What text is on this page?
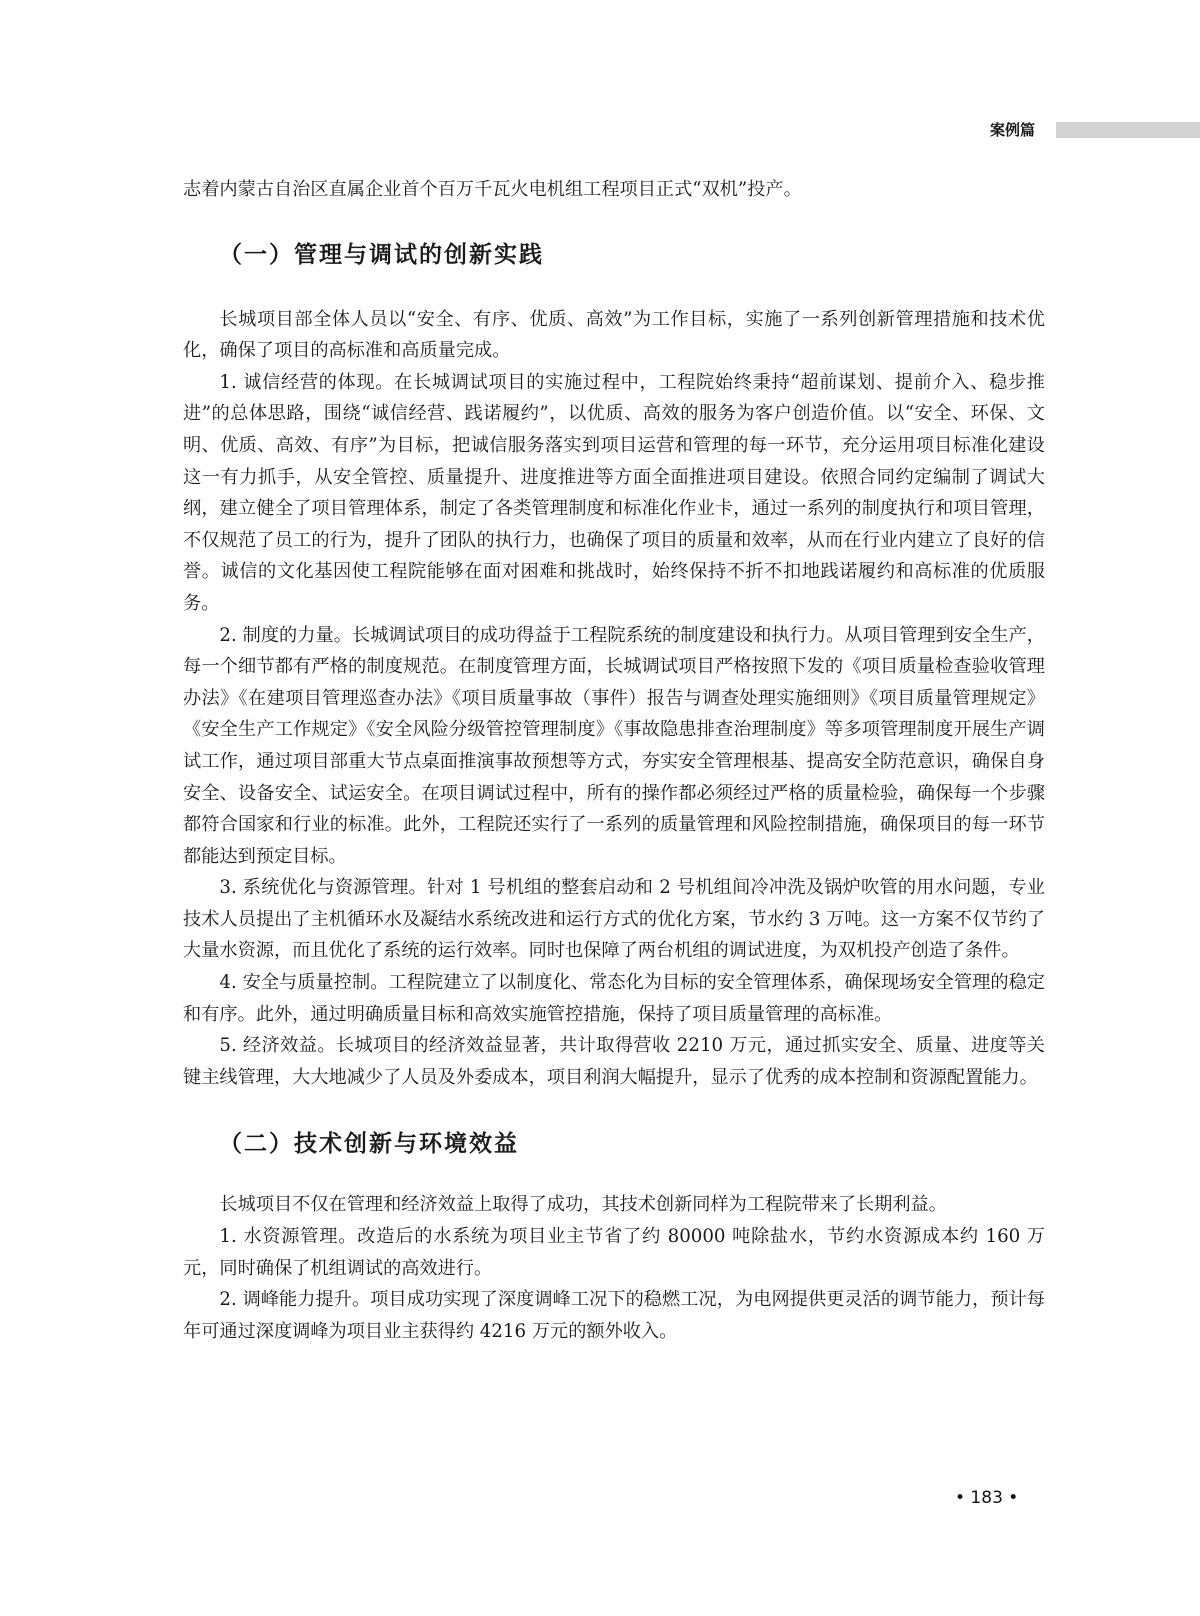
案例篇

志着内蒙古自治区直属企业首个百万千瓦火电机组工程项目正式“双机”投产。

（一）管理与调试的创新实践

长城项目部全体人员以“安全、有序、优质、高效”为工作目标，实施了一系列创新管理措施和技术优化，确保了项目的高标准和高质量完成。

1. 诚信经营的体现。在长城调试项目的实施过程中，工程院始终秉持“超前谋划、提前介入、稳步推进”的总体思路，围绕“诚信经营、践诺履约”，以优质、高效的服务为客户创造价值。以“安全、环保、文明、优质、高效、有序”为目标，把诚信服务落实到项目运营和管理的每一环节，充分运用项目标准化建设这一有力抓手，从安全管控、质量提升、进度推进等方面全面推进项目建设。依照合同约定编制了调试大纲，建立健全了项目管理体系，制定了各类管理制度和标准化作业卡，通过一系列的制度执行和项目管理，不仅规范了员工的行为，提升了团队的执行力，也确保了项目的质量和效率，从而在行业内建立了良好的信誉。诚信的文化基因使工程院能够在面对困难和挑战时，始终保持不折不扣地践诺履约和高标准的优质服务。

2. 制度的力量。长城调试项目的成功得益于工程院系统的制度建设和执行力。从项目管理到安全生产，每一个细节都有严格的制度规范。在制度管理方面，长城调试项目严格按照下发的《项目质量检查验收管理办法》《在建项目管理巡查办法》《项目质量事故（事件）报告与调查处理实施细则》《项目质量管理规定》《安全生产工作规定》《安全风险分级管控管理制度》《事故隐患排查治理制度》等多项管理制度开展生产调试工作，通过项目部重大节点桌面推演事故预想等方式，夯实安全管理根基、提高安全防范意识，确保自身安全、设备安全、试运安全。在项目调试过程中，所有的操作都必须经过严格的质量检验，确保每一个步骤都符合国家和行业的标准。此外，工程院还实行了一系列的质量管理和风险控制措施，确保项目的每一环节都能达到预定目标。

3. 系统优化与资源管理。针对 1 号机组的整套启动和 2 号机组间冷冲洗及锅炉吹管的用水问题，专业技术人员提出了主机循环水及凝结水系统改进和运行方式的优化方案，节水约 3 万吨。这一方案不仅节约了大量水资源，而且优化了系统的运行效率。同时也保障了两台机组的调试进度，为双机投产创造了条件。

4. 安全与质量控制。工程院建立了以制度化、常态化为目标的安全管理体系，确保现场安全管理的稳定和有序。此外，通过明确质量目标和高效实施管控措施，保持了项目质量管理的高标准。

5. 经济效益。长城项目的经济效益显著，共计取得营收 2210 万元，通过抓实安全、质量、进度等关键主线管理，大大地减少了人员及外委成本，项目利润大幅提升，显示了优秀的成本控制和资源配置能力。

（二）技术创新与环境效益

长城项目不仅在管理和经济效益上取得了成功，其技术创新同样为工程院带来了长期利益。

1. 水资源管理。改造后的水系统为项目业主节省了约 80000 吨除盐水，节约水资源成本约 160 万元，同时确保了机组调试的高效进行。

2. 调峰能力提升。项目成功实现了深度调峰工况下的稳燃工况，为电网提供更灵活的调节能力，预计每年可通过深度调峰为项目业主获得约 4216 万元的额外收入。

• 183 •
